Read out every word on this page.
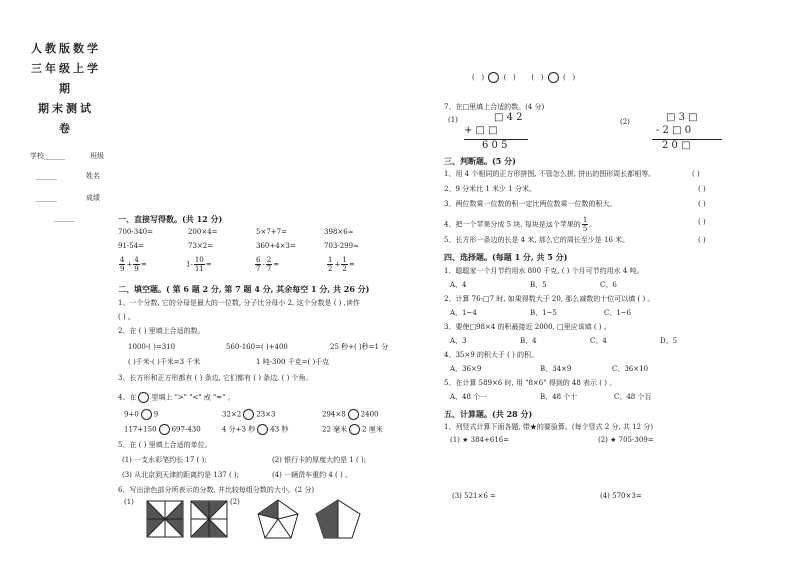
人教版数学
三年级上学
期
期末测试
卷
学校______	班级
______	姓名
______	成绩
______
( )	( ) ( )	( )
一、直接写得数。(共 12 分)
700-340=	200×4=	5×7+7=	398×6≈
91-54=	73×2=	360+4×3=	703-299≈
$\frac{4}{9} + \frac{4}{9}$ =	$1- \frac{10}{11}$ =	$\frac{6}{7} - \frac{2}{7}$ =	$\frac{1}{2} + \frac{1}{2}$ =
二、填空题。( 第 6 题 2 分, 第 7 题 4 分, 其余每空 1 分, 共 26 分)
1、一个分数, 它的分母是最大的一位数, 分子比分母小 2, 这个分数是 ( ) ,读作
( ) 。
2、在 ( ) 里填上合适的数。
1000-( )=310	560-160=( )+400	25 秒+( )秒=1 分
( )千米-( )千米=3 千米	1 吨-300 千克=( )千克
3、长方形和正方形都有 ( ) 条边, 它们都有 ( ) 条边, ( ) 个角。
4、在 里填上 ">" "<" 或 "=" 。
9+0 9	32×2 23×3	294×8 2400
117+150 697-430	4 分+3 秒 43 秒	22 毫米 2 厘米
5、在 ( ) 里填上合适的单位。
(1) 一支水彩笔约长 17 ( );	(2) 银行卡的厚度大约是 1 ( );
(3) 从北京到天津的距离约是 137 ( );	(4) 一辆货车重约 4 ( ) 。
6、写出涂色部分所表示的分数, 并比较每组分数的大小。(2 分)
(1)	(2)
7、在□里填上合适的数。(4 分)
(1)	□ 4 2
+ □ □
6 0 5
(2)	□ 3 □
- 2 □ 0
2 0 □
三、判断题。(5 分)
1、用 4 个相同的正方形拼图, 不管怎么拼, 拼出的图形周长都相等。	( )
2、9 分米比 1 米少 1 分米。	( )
3、两位数乘一位数的积一定比两位数乘一位数的积大。	( )
4、把一个苹果分成 5 块, 每块是这个苹果的 $\frac{1}{5}$ 。	( )
5、长方形一条边的长是 4 米, 那么它的周长至少是 16 米。	( )
四、选择题。(每题 1 分, 共 5 分)
1、聪聪家一个月节约用水 800 千克, ( ) 个月可节约用水 4 吨。
A、4	B、5	C、6
2、计算 76-□7 时, 如果得数大于 20, 那么减数的十位可以填 ( ) 。
A、1~4	B、1~5	C、1~6
3、要使□98×4 的积最接近 2000, □里应该填 ( ) 。
A、3	B、4	C、4	D、5
4、35×9 的积大于 ( ) 的积。
A、36×9	B、34×9	C、36×10
5、在计算 589×6 时, 用 "8×6" 得到的 48 表示 ( ) 。
A、48 个一	B、48 个十	C、48 个百
五、计算题。(共 28 分)
1、列竖式计算下面各题, 带★的要验算。(每个竖式 2 分, 共 12 分)
(1) ★ 384+616=	(2) ★ 705-309=
(3) 521×6 =	(4) 570×3=
